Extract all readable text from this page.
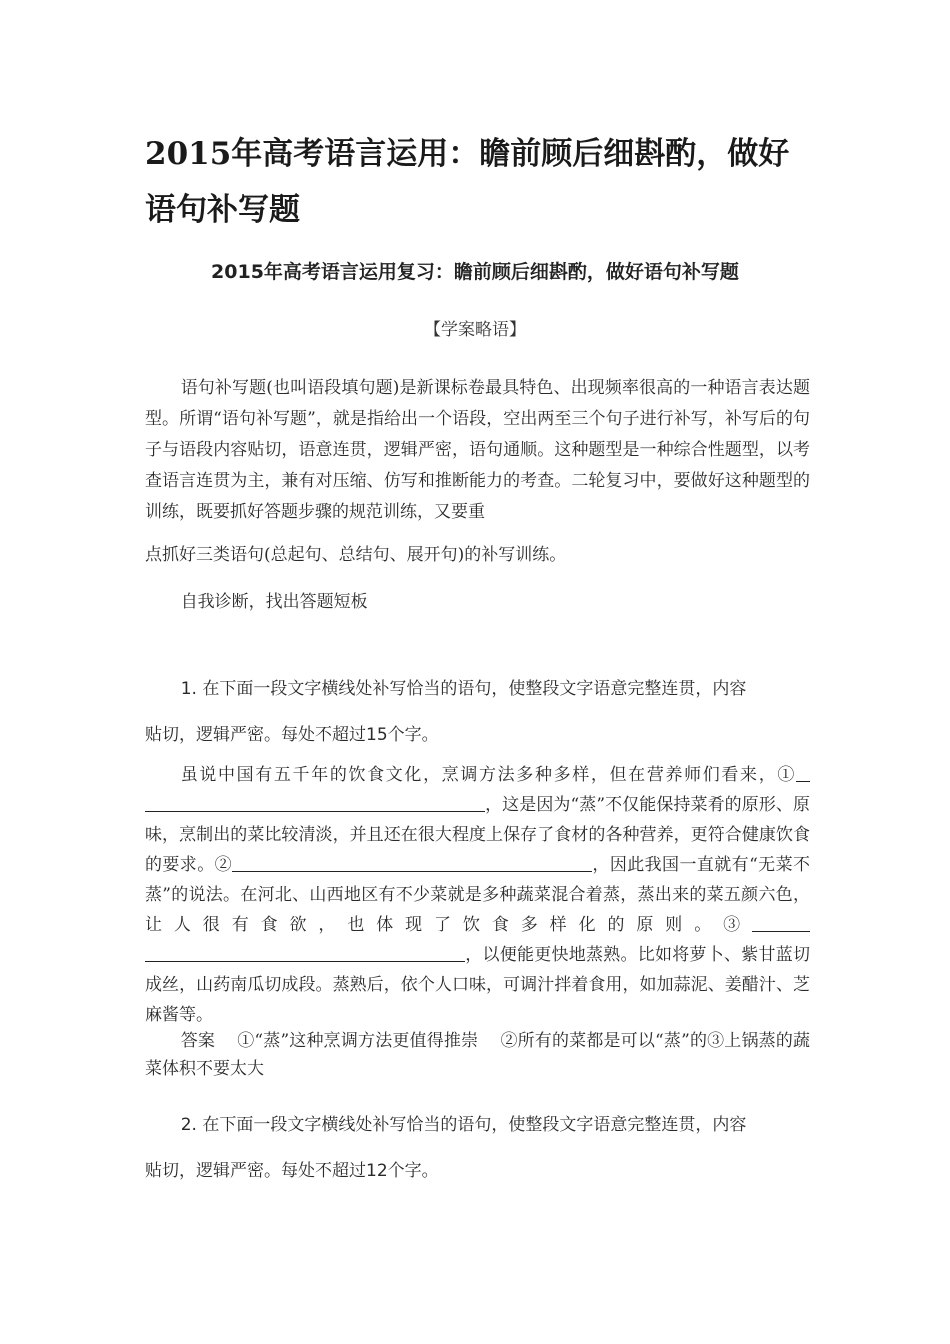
2015年高考语言运用：瞻前顾后细斟酌，做好语句补写题
2015年高考语言运用复习：瞻前顾后细斟酌，做好语句补写题
【学案略语】

语句补写题(也叫语段填句题)是新课标卷最具特色、出现频率很高的一种语言表达题型。所谓“语句补写题”，就是指给出一个语段，空出两至三个句子进行补写，补写后的句子与语段内容贴切，语意连贯，逻辑严密，语句通顺。这种题型是一种综合性题型，以考查语言连贯为主，兼有对压缩、仿写和推断能力的考查。二轮复习中，要做好这种题型的训练，既要抓好答题步骤的规范训练，又要重
点抓好三类语句(总起句、总结句、展开句)的补写训练。

自我诊断，找出答题短板

1. 在下面一段文字横线处补写恰当的语句，使整段文字语意完整连贯，内容
贴切，逻辑严密。每处不超过15个字。

虽说中国有五千年的饮食文化，烹调方法多种多样，但在营养师们看来，①，这是因为“蒸”不仅能保持菜肴的原形、原味，烹制出的菜比较清淡，并且还在很大程度上保存了食材的各种营养，更符合健康饮食的要求。②	，因此我国一直就有“无菜不蒸”的说法。在河北、山西地区有不少菜就是多种蔬菜混合着蒸，蒸出来的菜五颜六色，让人很有食欲，也体现了饮食多样化的原则。③，以便能更快地蒸熟。比如将萝卜、紫甘蓝切成丝，山药南瓜切成段。蒸熟后，依个人口味，可调汁拌着食用，如加蒜泥、姜醋汁、芝麻酱等。

答案 ①“蒸”这种烹调方法更值得推崇 ②所有的菜都是可以“蒸”的③上锅蒸的蔬菜体积不要太大

2. 在下面一段文字横线处补写恰当的语句，使整段文字语意完整连贯，内容
贴切，逻辑严密。每处不超过12个字。
